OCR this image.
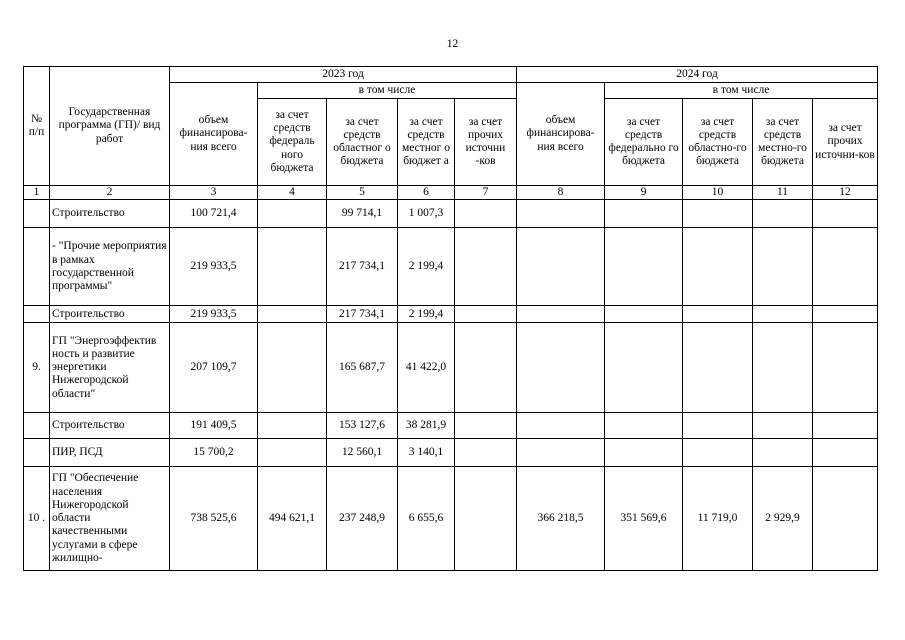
12
№ п/п	Государственная программа (ГП)/ вид работ	2023 год					2024 год				
		объем финансирова-ния всего	в том числе				объем финансирова-ния всего	в том числе			
			за счет средств федераль ного бюджета	за счет средств областног о бюджета	за счет средств местног о бюджет а	за счет прочих источни -ков		за счет средств федерально го бюджета	за счет средств областно-го бюджета	за счет средств местно-го бюджета	за счет прочих источни-ков
1	2	3	4	5	6	7	8	9	10	11	12
	Строительство	100 721,4		99 714,1	1 007,3						
	- "Прочие мероприятия в рамках государственной программы"	219 933,5		217 734,1	2 199,4						
	Строительство	219 933,5		217 734,1	2 199,4						
9.	ГП "Энергоэффектив ность и развитие энергетики Нижегородской области"	207 109,7		165 687,7	41 422,0						
	Строительство	191 409,5		153 127,6	38 281,9						
	ПИР, ПСД	15 700,2		12 560,1	3 140,1						
10 .	ГП "Обеспечение населения Нижегородской области качественными услугами в сфере жилищно-	738 525,6	494 621,1	237 248,9	6 655,6		366 218,5	351 569,6	11 719,0	2 929,9	
